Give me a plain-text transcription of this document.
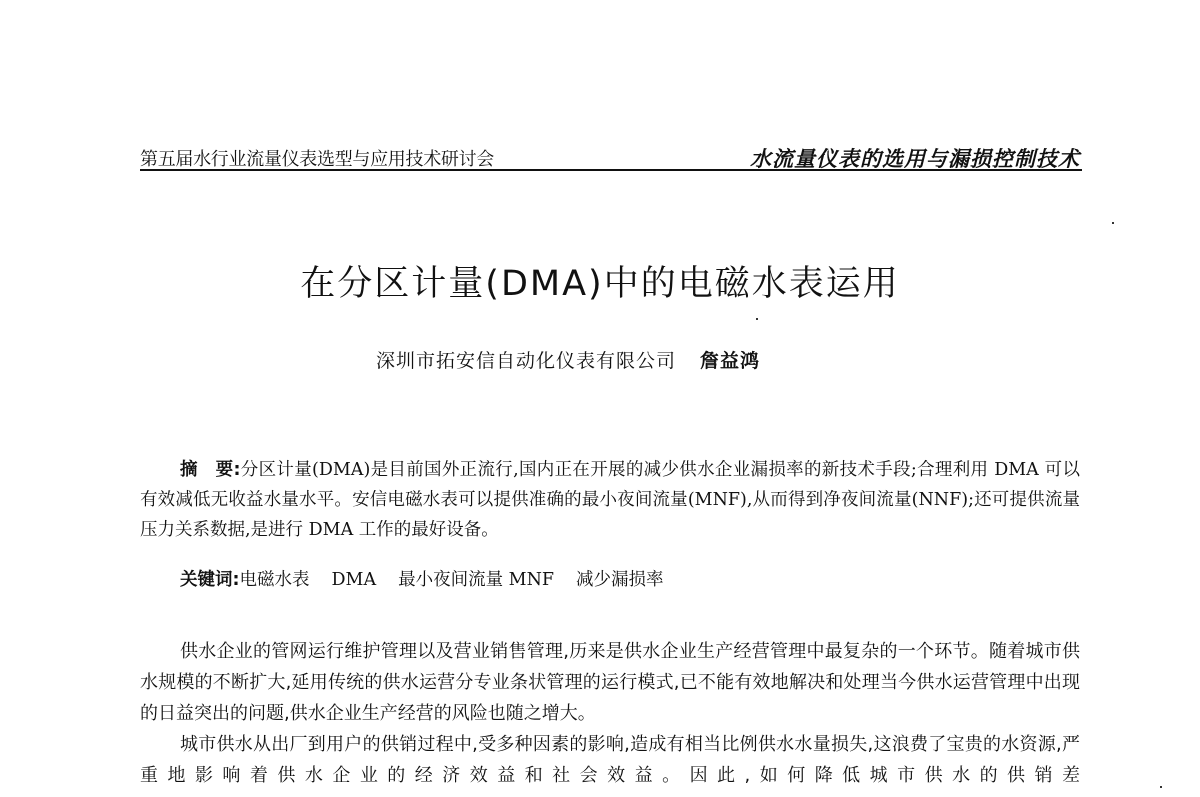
第五届水行业流量仪表选型与应用技术研讨会	水流量仪表的选用与漏损控制技术
在分区计量(DMA)中的电磁水表运用
深圳市拓安信自动化仪表有限公司 詹益鸿
摘　要:分区计量(DMA)是目前国外正流行,国内正在开展的减少供水企业漏损率的新技术手段;合理利用 DMA 可以有效减低无收益水量水平。安信电磁水表可以提供准确的最小夜间流量(MNF),从而得到净夜间流量(NNF);还可提供流量压力关系数据,是进行 DMA 工作的最好设备。
关键词:电磁水表 DMA 最小夜间流量 MNF 减少漏损率

供水企业的管网运行维护管理以及营业销售管理,历来是供水企业生产经营管理中最复杂的一个环节。随着城市供水规模的不断扩大,延用传统的供水运营分专业条状管理的运行模式,已不能有效地解决和处理当今供水运营管理中出现的日益突出的问题,供水企业生产经营的风险也随之增大。

城市供水从出厂到用户的供销过程中,受多种因素的影响,造成有相当比例供水水量损失,这浪费了宝贵的水资源,严重地影响着供水企业的经济效益和社会效益。因此,如何降低城市供水的供销差
